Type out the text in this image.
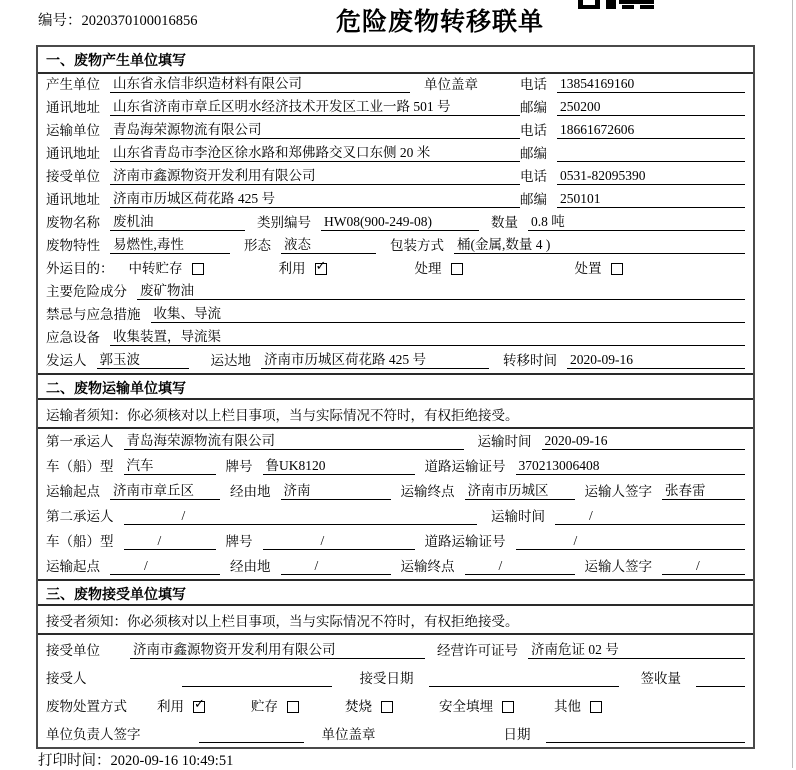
编号：2020370100016856	危险废物转移联单
一、废物产生单位填写
产生单位 山东省永信非织造材料有限公司	单位盖章	电话 13854169160
通讯地址 山东省济南市章丘区明水经济技术开发区工业一路 501 号	邮编 250200
运输单位 青岛海荣源物流有限公司	电话 18661672606
通讯地址 山东省青岛市李沧区徐水路和郑佛路交叉口东侧 20 米	邮编
接受单位 济南市鑫源物资开发利用有限公司	电话 0531-82095390
通讯地址 济南市历城区荷花路 425 号	邮编 250101
废物名称 废机油	类别编号 HW08(900-249-08)	数量 0.8 吨
废物特性 易燃性,毒性	形态 液态	包装方式 桶(金属,数量 4 )
外运目的： 中转贮存	利用 ✓	处理	处置
主要危险成分 废矿物油
禁忌与应急措施 收集、导流
应急设备 收集装置，导流渠
发运人 郭玉波	运达地 济南市历城区荷花路 425 号	转移时间 2020-09-16
二、废物运输单位填写
运输者须知：你必须核对以上栏目事项，当与实际情况不符时，有权拒绝接受。
第一承运人 青岛海荣源物流有限公司	运输时间 2020-09-16
车（船）型 汽车	牌号 鲁UK8120	道路运输证号 370213006408
运输起点 济南市章丘区	经由地 济南	运输终点 济南市历城区	运输人签字 张春雷
第二承运人	/	运输时间	/
车（船）型	/	牌号	/	道路运输证号	/
运输起点	/	经由地	/	运输终点	/	运输人签字	/
三、废物接受单位填写
接受者须知：你必须核对以上栏目事项，当与实际情况不符时，有权拒绝接受。
接受单位 济南市鑫源物资开发利用有限公司	经营许可证号 济南危证 02 号
接受人	接受日期	签收量
废物处置方式 利用 ✓	贮存	焚烧	安全填埋	其他
单位负责人签字	单位盖章	日期
打印时间：2020-09-16 10:49:51
